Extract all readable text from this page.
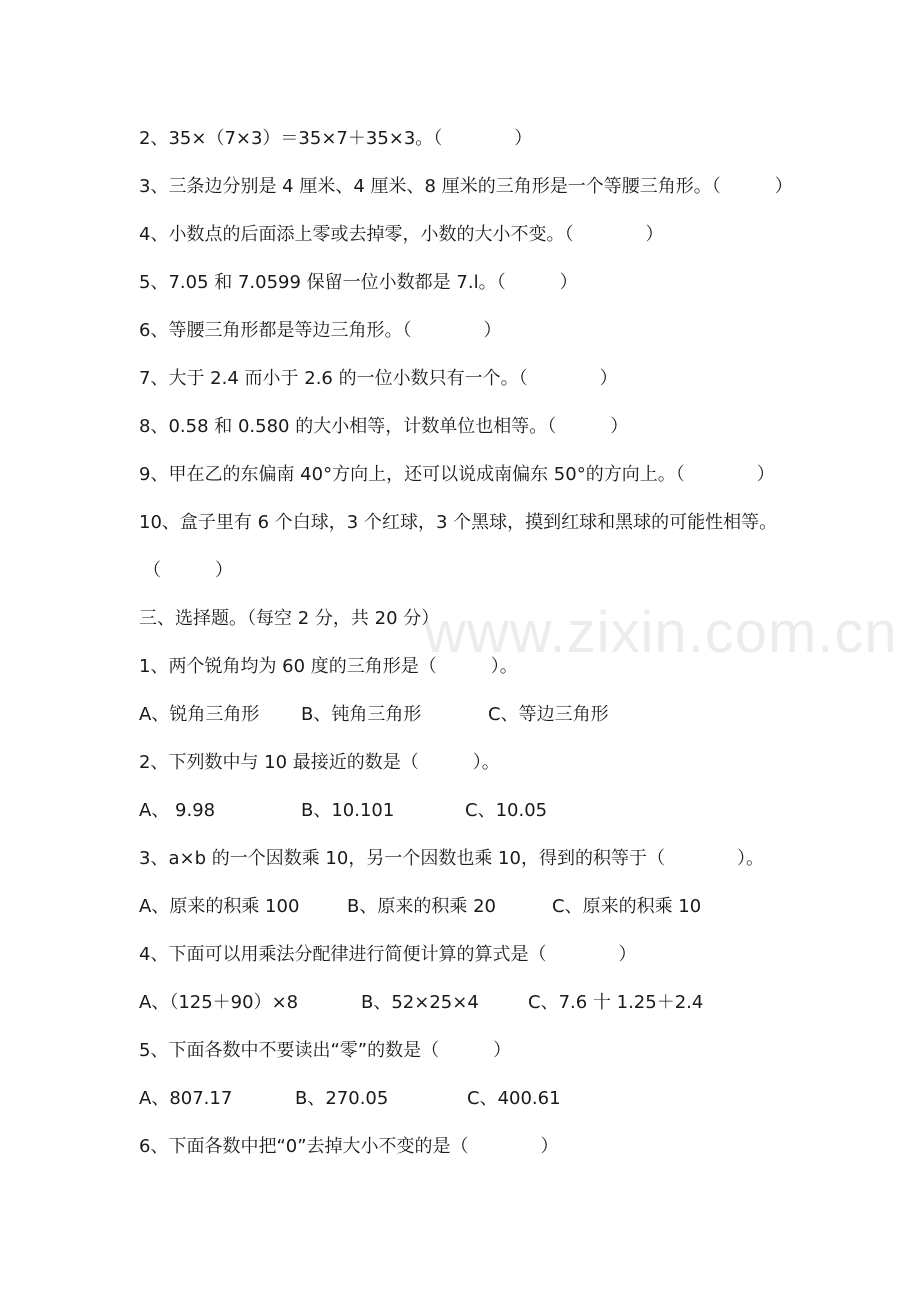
2、35×（7×3）＝35×7＋35×3。（　　　　）
3、三条边分别是 4 厘米、4 厘米、8 厘米的三角形是一个等腰三角形。（　　　）
4、小数点的后面添上零或去掉零，小数的大小不变。（　　　　）
5、7.05 和 7.0599 保留一位小数都是 7.l。（　　　）
6、等腰三角形都是等边三角形。（　　　　）
7、大于 2.4 而小于 2.6 的一位小数只有一个。（　　　　）
8、0.58 和 0.580 的大小相等，计数单位也相等。（　　　）
9、甲在乙的东偏南 40°方向上，还可以说成南偏东 50°的方向上。（　　　　）
10、盒子里有 6 个白球，3 个红球，3 个黑球，摸到红球和黑球的可能性相等。
（　　　）
三、选择题。（每空 2 分，共 20 分）
www.zixin.com.cn
1、两个锐角均为 60 度的三角形是（　　　）。
A、锐角三角形 B、钝角三角形	C、等边三角形
2、下列数中与 10 最接近的数是（　　　）。
A、 9.98	B、10.101	C、10.05
3、a×b 的一个因数乘 10，另一个因数也乘 10，得到的积等于（　　　　）。
A、原来的积乘 100	B、原来的积乘 20	C、原来的积乘 10
4、下面可以用乘法分配律进行简便计算的算式是（　　　　）
A、（125＋90）×8	B、52×25×4	C、7.6 十 1.25＋2.4
5、下面各数中不要读出“零”的数是（　　　）
A、807.17	B、270.05	C、400.61
6、下面各数中把“0”去掉大小不变的是（　　　　）
